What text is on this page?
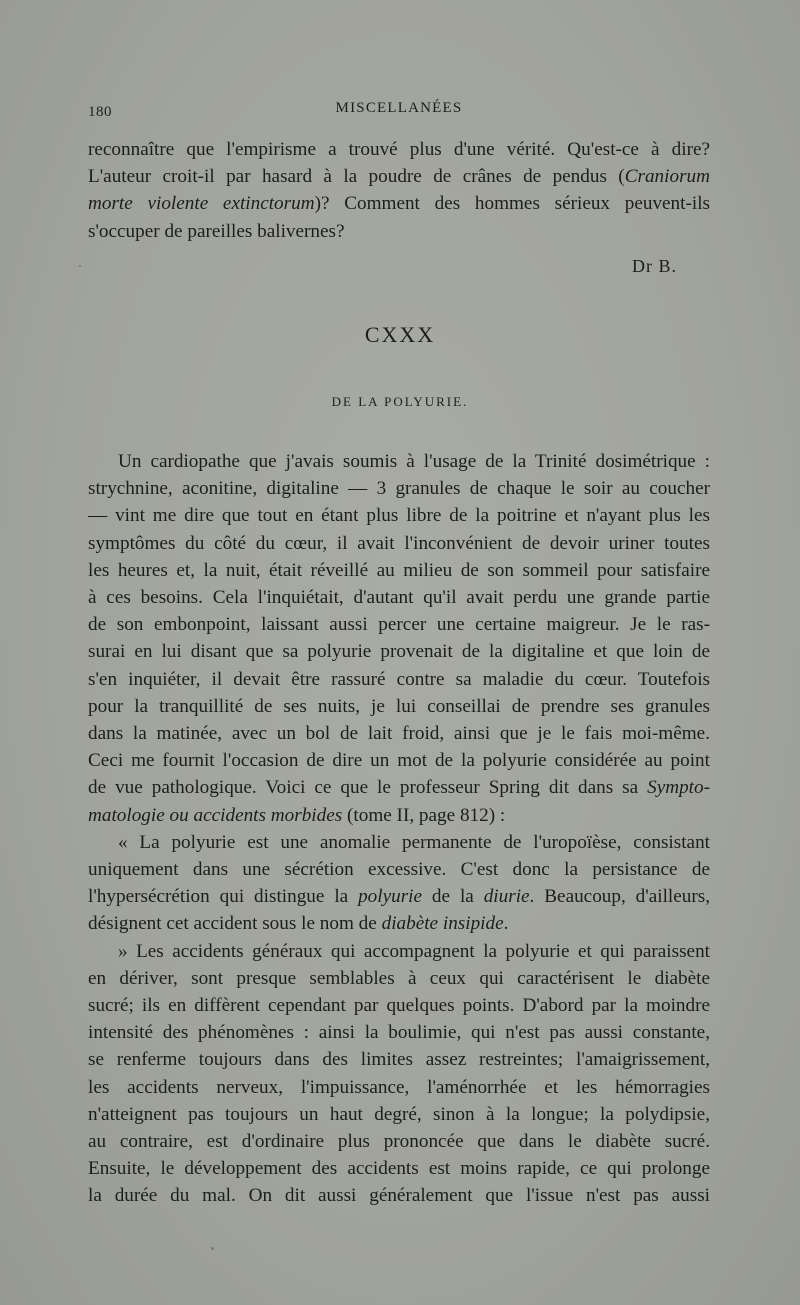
180	MISCELLANÉES
reconnaître que l'empirisme a trouvé plus d'une vérité. Qu'est-ce à dire?
L'auteur croit-il par hasard à la poudre de crânes de pendus (Craniorum
morte violente extinctorum)? Comment des hommes sérieux peuvent-ils
s'occuper de pareilles balivernes?
Dr B.
CXXX
DE LA POLYURIE.
Un cardiopathe que j'avais soumis à l'usage de la Trinité dosimétrique :
strychnine, aconitine, digitaline — 3 granules de chaque le soir au coucher
— vint me dire que tout en étant plus libre de la poitrine et n'ayant plus les
symptômes du côté du cœur, il avait l'inconvénient de devoir uriner toutes
les heures et, la nuit, était réveillé au milieu de son sommeil pour satisfaire
à ces besoins. Cela l'inquiétait, d'autant qu'il avait perdu une grande partie
de son embonpoint, laissant aussi percer une certaine maigreur. Je le ras-
surai en lui disant que sa polyurie provenait de la digitaline et que loin de
s'en inquiéter, il devait être rassuré contre sa maladie du cœur. Toutefois
pour la tranquillité de ses nuits, je lui conseillai de prendre ses granules
dans la matinée, avec un bol de lait froid, ainsi que je le fais moi-même.
Ceci me fournit l'occasion de dire un mot de la polyurie considérée au point
de vue pathologique. Voici ce que le professeur Spring dit dans sa Sympto-
matologie ou accidents morbides (tome II, page 812) :
« La polyurie est une anomalie permanente de l'uropoïèse, consistant
uniquement dans une sécrétion excessive. C'est donc la persistance de
l'hypersécrétion qui distingue la polyurie de la diurie. Beaucoup, d'ailleurs,
désignent cet accident sous le nom de diabète insipide.
» Les accidents généraux qui accompagnent la polyurie et qui paraissent
en dériver, sont presque semblables à ceux qui caractérisent le diabète
sucré; ils en diffèrent cependant par quelques points. D'abord par la moindre
intensité des phénomènes : ainsi la boulimie, qui n'est pas aussi constante,
se renferme toujours dans des limites assez restreintes; l'amaigrissement,
les accidents nerveux, l'impuissance, l'aménorrhée et les hémorragies
n'atteignent pas toujours un haut degré, sinon à la longue; la polydipsie,
au contraire, est d'ordinaire plus prononcée que dans le diabète sucré.
Ensuite, le développement des accidents est moins rapide, ce qui prolonge
la durée du mal. On dit aussi généralement que l'issue n'est pas aussi
